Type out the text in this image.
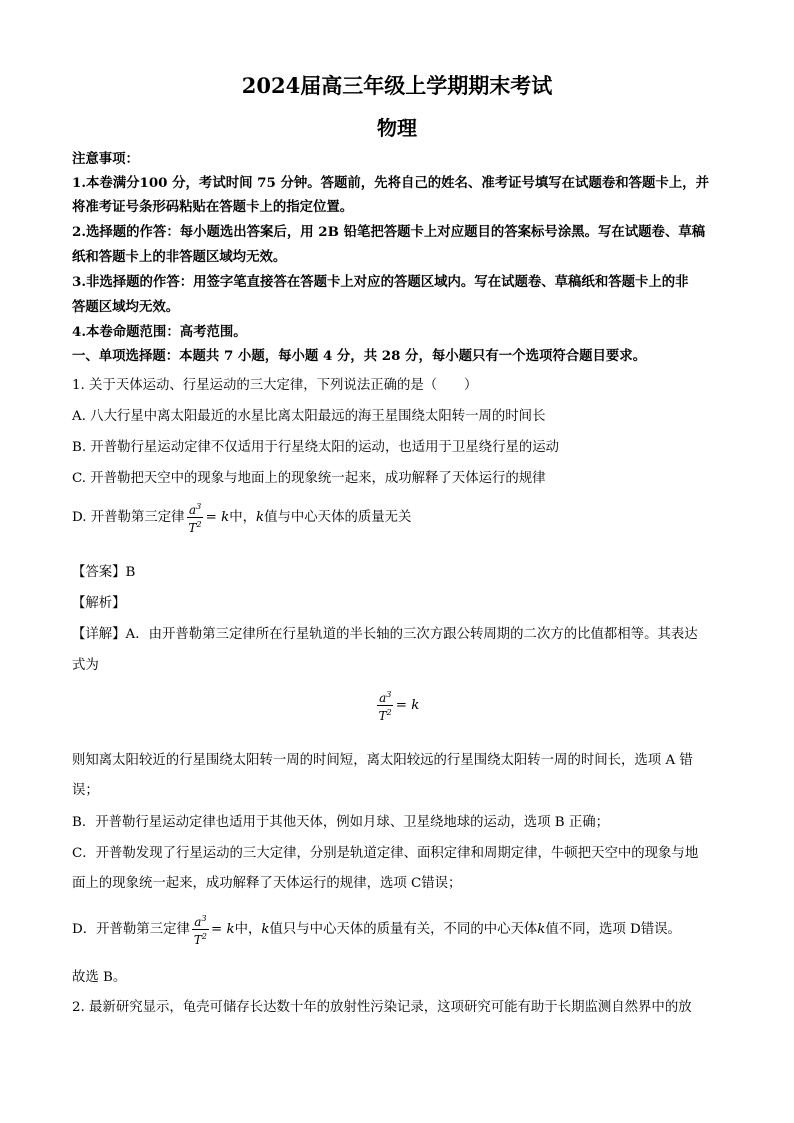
2024届高三年级上学期期末考试
物理
注意事项：
1.本卷满分100 分，考试时间 75 分钟。答题前，先将自己的姓名、准考证号填写在试题卷和答题卡上，并
将准考证号条形码粘贴在答题卡上的指定位置。
2.选择题的作答：每小题选出答案后，用 2B 铅笔把答题卡上对应题目的答案标号涂黑。写在试题卷、草稿
纸和答题卡上的非答题区域均无效。
3.非选择题的作答：用签字笔直接答在答题卡上对应的答题区域内。写在试题卷、草稿纸和答题卡上的非
答题区域均无效。
4.本卷命题范围：高考范围。
一、单项选择题：本题共 7 小题，每小题 4 分，共 28 分，每小题只有一个选项符合题目要求。
1. 关于天体运动、行星运动的三大定律，下列说法正确的是（　　）
A. 八大行星中离太阳最近的水星比离太阳最远的海王星围绕太阳转一周的时间长
B. 开普勒行星运动定律不仅适用于行星绕太阳的运动，也适用于卫星绕行星的运动
C. 开普勒把天空中的现象与地面上的现象统一起来，成功解释了天体运行的规律
D. 开普勒第三定律 $\frac{a^3}{T^2} = k$中，k值与中心天体的质量无关
【答案】B
【解析】
【详解】A．由开普勒第三定律所在行星轨道的半长轴的三次方跟公转周期的二次方的比值都相等。其表达
式为
$\frac{a^3}{T^2} = k$
则知离太阳较近的行星围绕太阳转一周的时间短，离太阳较远的行星围绕太阳转一周的时间长，选项 A 错
误；
B．开普勒行星运动定律也适用于其他天体，例如月球、卫星绕地球的运动，选项 B 正确；
C．开普勒发现了行星运动的三大定律，分别是轨道定律、面积定律和周期定律，牛顿把天空中的现象与地
面上的现象统一起来，成功解释了天体运行的规律，选项 C错误；
D．开普勒第三定律 $\frac{a^3}{T^2} = k$中，k值只与中心天体的质量有关，不同的中心天体k值不同，选项 D错误。
故选 B。
2. 最新研究显示，龟壳可储存长达数十年的放射性污染记录，这项研究可能有助于长期监测自然界中的放
